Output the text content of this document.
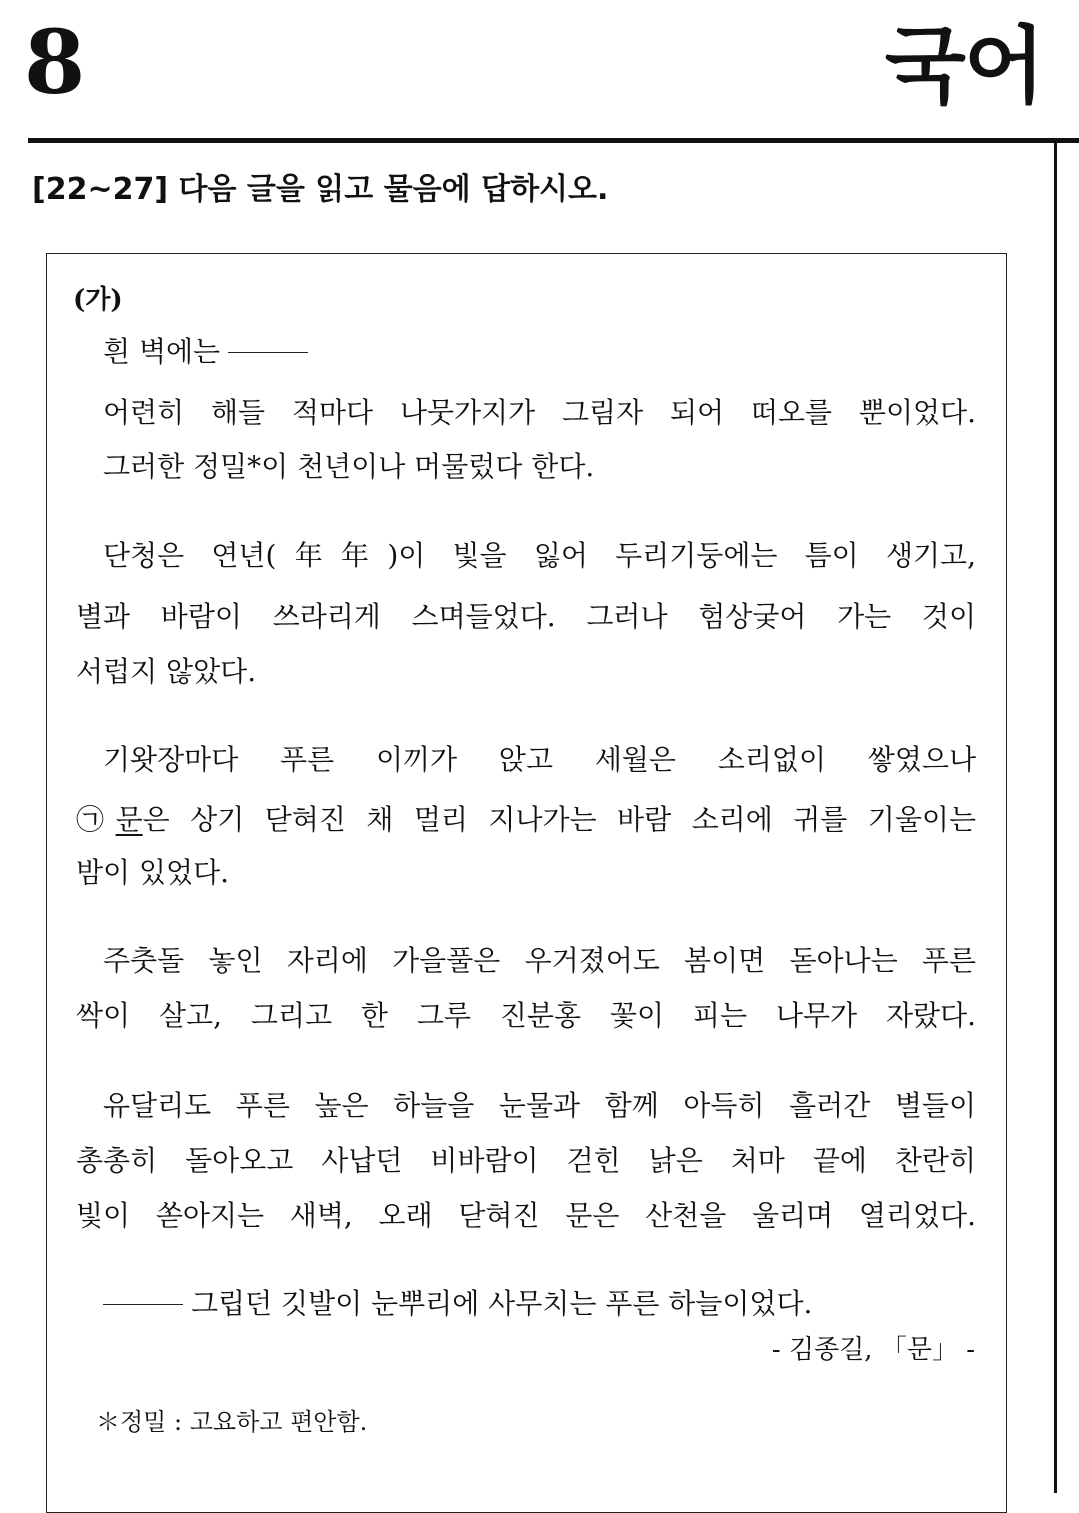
8	국어

[22~27] 다음 글을 읽고 물음에 답하시오.

(가)
흰 벽에는
어련히 해들 적마다 나뭇가지가 그림자 되어 떠오를 뿐이었다.
그러한 정밀*이 천년이나 머물렀다 한다.
단청은 연년(年年)이 빛을 잃어 두리기둥에는 틈이 생기고,
별과 바람이 쓰라리게 스며들었다. 그러나 험상궂어 가는 것이
서럽지 않았다.
기왓장마다 푸른 이끼가 앉고 세월은 소리없이 쌓였으나
㉠문은 상기 닫혀진 채 멀리 지나가는 바람 소리에 귀를 기울이는
밤이 있었다.
주춧돌 놓인 자리에 가을풀은 우거졌어도 봄이면 돋아나는 푸른
싹이 살고, 그리고 한 그루 진분홍 꽃이 피는 나무가 자랐다.
유달리도 푸른 높은 하늘을 눈물과 함께 아득히 흘러간 별들이
총총히 돌아오고 사납던 비바람이 걷힌 낡은 처마 끝에 찬란히
빛이 쏟아지는 새벽, 오래 닫혀진 문은 산천을 울리며 열리었다.
그립던 깃발이 눈뿌리에 사무치는 푸른 하늘이었다.
- 김종길, 「문」 -
＊정밀 : 고요하고 편안함.
